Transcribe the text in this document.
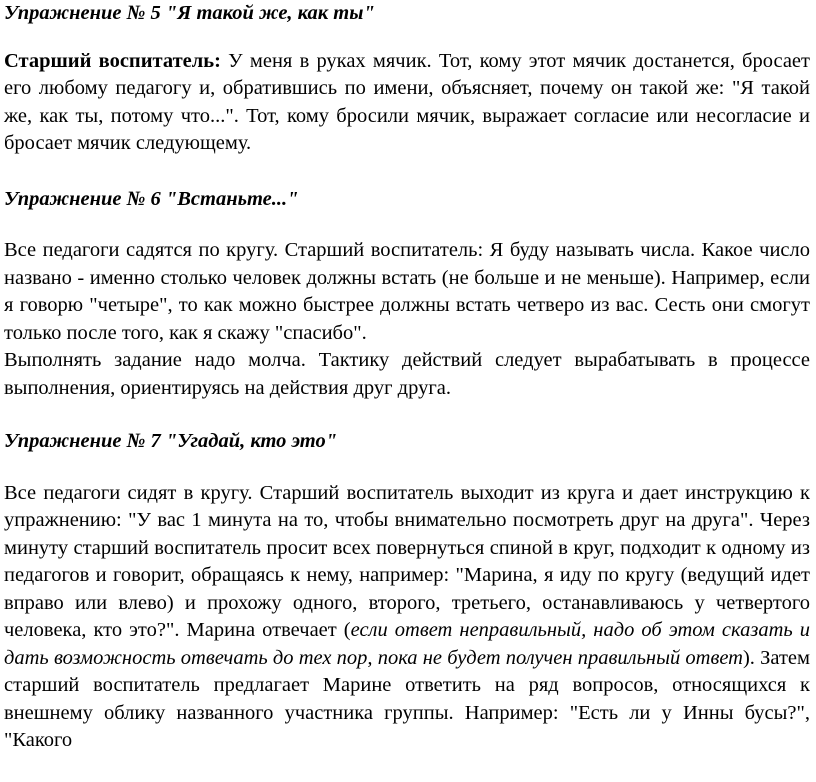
Упражнение № 5 "Я такой же, как ты"

Старший воспитатель: У меня в руках мячик. Тот, кому этот мячик достанется, бросает его любому педагогу и, обратившись по имени, объясняет, почему он такой же: "Я такой же, как ты, потому что...". Тот, кому бросили мячик, выражает согласие или несогласие и бросает мячик следующему.

Упражнение № 6 "Встаньте..."

Все педагоги садятся по кругу. Старший воспитатель: Я буду называть числа. Какое число названо - именно столько человек должны встать (не больше и не меньше). Например, если я говорю "четыре", то как можно быстрее должны встать четверо из вас. Сесть они смогут только после того, как я скажу "спасибо".

Выполнять задание надо молча. Тактику действий следует вырабатывать в процессе выполнения, ориентируясь на действия друг друга.

Упражнение № 7 "Угадай, кто это"

Все педагоги сидят в кругу. Старший воспитатель выходит из круга и дает инструкцию к упражнению: "У вас 1 минута на то, чтобы внимательно посмотреть друг на друга". Через минуту старший воспитатель просит всех повернуться спиной в круг, подходит к одному из педагогов и говорит, обращаясь к нему, например: "Марина, я иду по кругу (ведущий идет вправо или влево) и прохожу одного, второго, третьего, останавливаюсь у четвертого человека, кто это?". Марина отвечает (если ответ неправильный, надо об этом сказать и дать возможность отвечать до тех пор, пока не будет получен правильный ответ). Затем старший воспитатель предлагает Марине ответить на ряд вопросов, относящихся к внешнему облику названного участника группы. Например: "Есть ли у Инны бусы?", "Какого
